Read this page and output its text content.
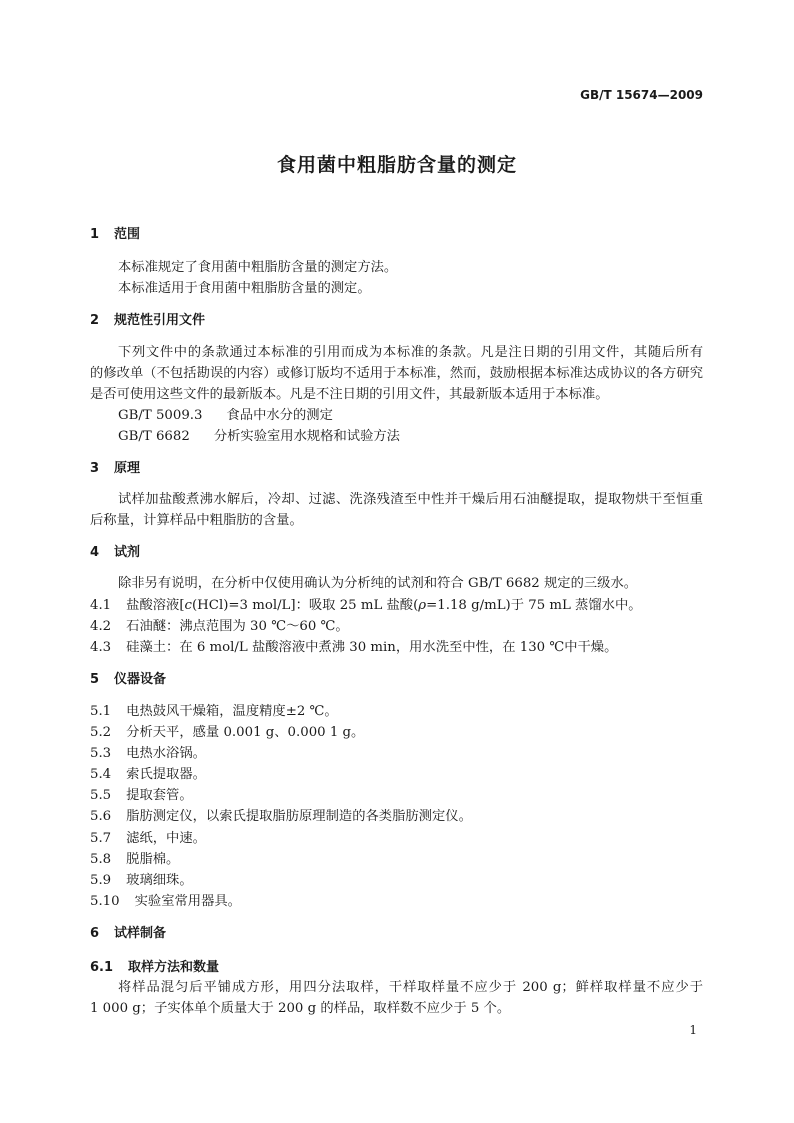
GB/T 15674—2009
食用菌中粗脂肪含量的测定
1 范围
本标准规定了食用菌中粗脂肪含量的测定方法。
本标准适用于食用菌中粗脂肪含量的测定。
2 规范性引用文件
下列文件中的条款通过本标准的引用而成为本标准的条款。凡是注日期的引用文件，其随后所有
的修改单（不包括勘误的内容）或修订版均不适用于本标准，然而，鼓励根据本标准达成协议的各方研究
是否可使用这些文件的最新版本。凡是不注日期的引用文件，其最新版本适用于本标准。
GB/T 5009.3 食品中水分的测定
GB/T 6682 分析实验室用水规格和试验方法
3 原理
试样加盐酸煮沸水解后，冷却、过滤、洗涤残渣至中性并干燥后用石油醚提取，提取物烘干至恒重
后称量，计算样品中粗脂肪的含量。
4 试剂
除非另有说明，在分析中仅使用确认为分析纯的试剂和符合 GB/T 6682 规定的三级水。
4.1 盐酸溶液[c(HCl)=3 mol/L]：吸取 25 mL 盐酸(ρ=1.18 g/mL)于 75 mL 蒸馏水中。
4.2 石油醚：沸点范围为 30 ℃～60 ℃。
4.3 硅藻土：在 6 mol/L 盐酸溶液中煮沸 30 min，用水洗至中性，在 130 ℃中干燥。
5 仪器设备
5.1 电热鼓风干燥箱，温度精度±2 ℃。
5.2 分析天平，感量 0.001 g、0.000 1 g。
5.3 电热水浴锅。
5.4 索氏提取器。
5.5 提取套管。
5.6 脂肪测定仪，以索氏提取脂肪原理制造的各类脂肪测定仪。
5.7 滤纸，中速。
5.8 脱脂棉。
5.9 玻璃细珠。
5.10 实验室常用器具。
6 试样制备
6.1 取样方法和数量
将样品混匀后平铺成方形，用四分法取样，干样取样量不应少于 200 g；鲜样取样量不应少于
1 000 g；子实体单个质量大于 200 g 的样品，取样数不应少于 5 个。
1
